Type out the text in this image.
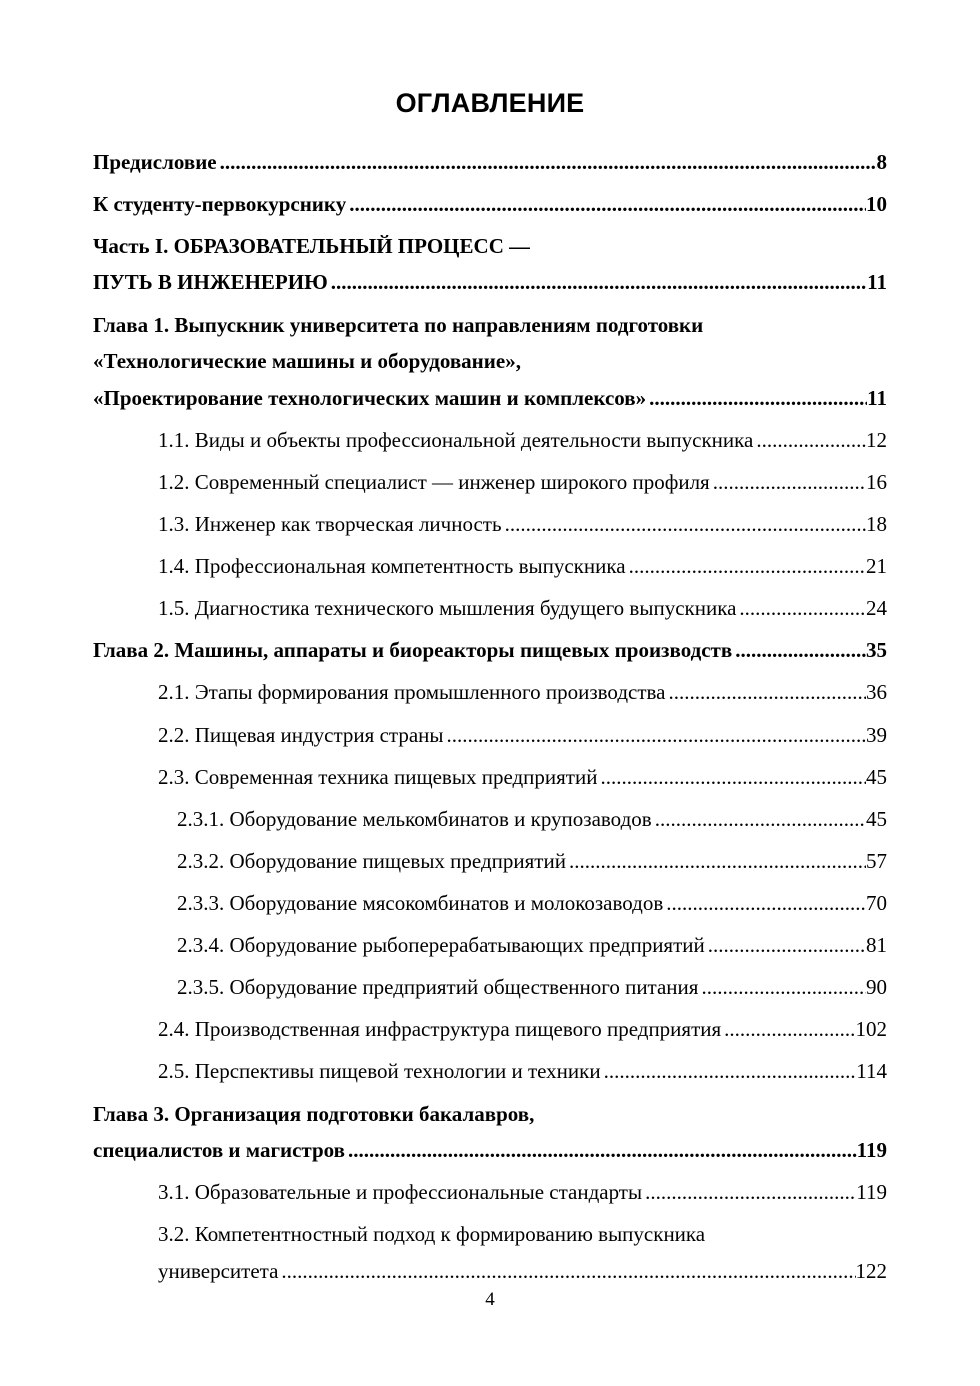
ОГЛАВЛЕНИЕ
Предисловие .....	8
К студенту-первокурснику .....	10
Часть I. ОБРАЗОВАТЕЛЬНЫЙ ПРОЦЕСС —
ПУТЬ В ИНЖЕНЕРИЮ .....	11
Глава 1. Выпускник университета по направлениям подготовки
«Технологические машины и оборудование»,
«Проектирование технологических машин и комплексов» .....	11
1.1. Виды и объекты профессиональной деятельности выпускника .....	12
1.2. Современный специалист — инженер широкого профиля .....	16
1.3. Инженер как творческая личность .....	18
1.4. Профессиональная компетентность выпускника .....	21
1.5. Диагностика технического мышления будущего выпускника .....	24
Глава 2. Машины, аппараты и биореакторы пищевых производств .....	35
2.1. Этапы формирования промышленного производства .....	36
2.2. Пищевая индустрия страны .....	39
2.3. Современная техника пищевых предприятий .....	45
2.3.1. Оборудование мелькомбинатов и крупозаводов .....	45
2.3.2. Оборудование пищевых предприятий .....	57
2.3.3. Оборудование мясокомбинатов и молокозаводов .....	70
2.3.4. Оборудование рыбоперерабатывающих предприятий .....	81
2.3.5. Оборудование предприятий общественного питания .....	90
2.4. Производственная инфраструктура пищевого предприятия .....	102
2.5. Перспективы пищевой технологии и техники .....	114
Глава 3. Организация подготовки бакалавров,
специалистов и магистров .....	119
3.1. Образовательные и профессиональные стандарты .....	119
3.2. Компетентностный подход к формированию выпускника
университета .....	122
4
